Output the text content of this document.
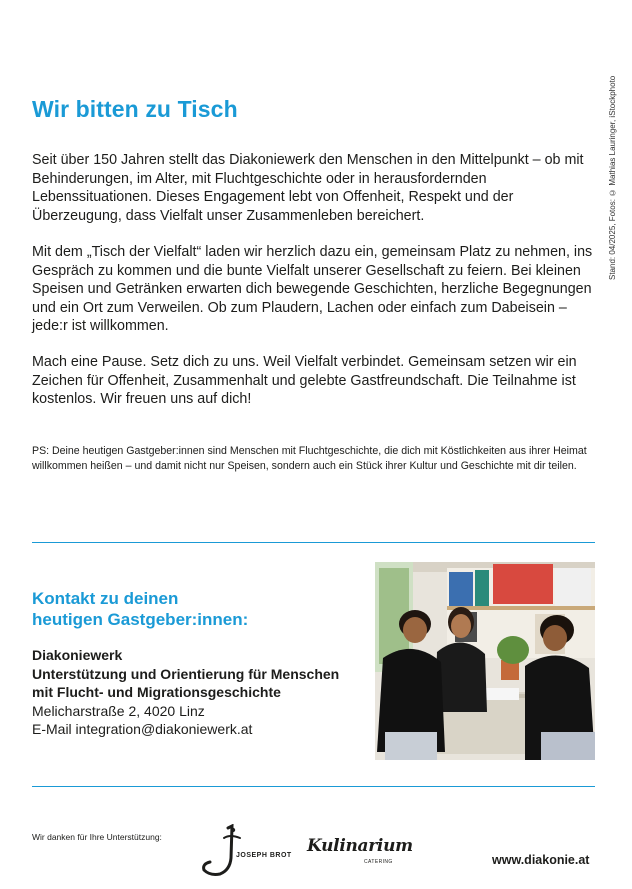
Stand: 04/2025, Fotos: © Mathias Lauringer, iStockphoto
Wir bitten zu Tisch

Seit über 150 Jahren stellt das Diakoniewerk den Menschen in den Mittelpunkt – ob mit Behinderungen, im Alter, mit Fluchtgeschichte oder in herausfordernden Lebenssituationen. Dieses Engagement lebt von Offenheit, Respekt und der Überzeugung, dass Vielfalt unser Zusammenleben bereichert.

Mit dem „Tisch der Vielfalt“ laden wir herzlich dazu ein, gemeinsam Platz zu nehmen, ins Gespräch zu kommen und die bunte Vielfalt unserer Gesellschaft zu feiern. Bei kleinen Speisen und Getränken erwarten dich bewegende Geschichten, herzliche Begegnungen und ein Ort zum Verweilen. Ob zum Plaudern, Lachen oder einfach zum Dabeisein – jede:r ist willkommen.

Mach eine Pause. Setz dich zu uns. Weil Vielfalt verbindet. Gemeinsam setzen wir ein Zeichen für Offenheit, Zusammenhalt und gelebte Gastfreundschaft. Die Teilnahme ist kostenlos. Wir freuen uns auf dich!

PS: Deine heutigen Gastgeber:innen sind Menschen mit Fluchtgeschichte, die dich mit Köstlichkeiten aus ihrer Heimat willkommen heißen – und damit nicht nur Speisen, sondern auch ein Stück ihrer Kultur und Geschichte mit dir teilen.

Kontakt zu deinen
heutigen Gastgeber:innen:
Diakoniewerk
Unterstützung und Orientierung für Menschen
mit Flucht- und Migrationsgeschichte
Melicharstraße 2, 4020 Linz
E-Mail integration@diakoniewerk.at
Wir danken für Ihre Unterstützung:
JOSEPH BROT Kulinarium
CATERING	www.diakonie.at
